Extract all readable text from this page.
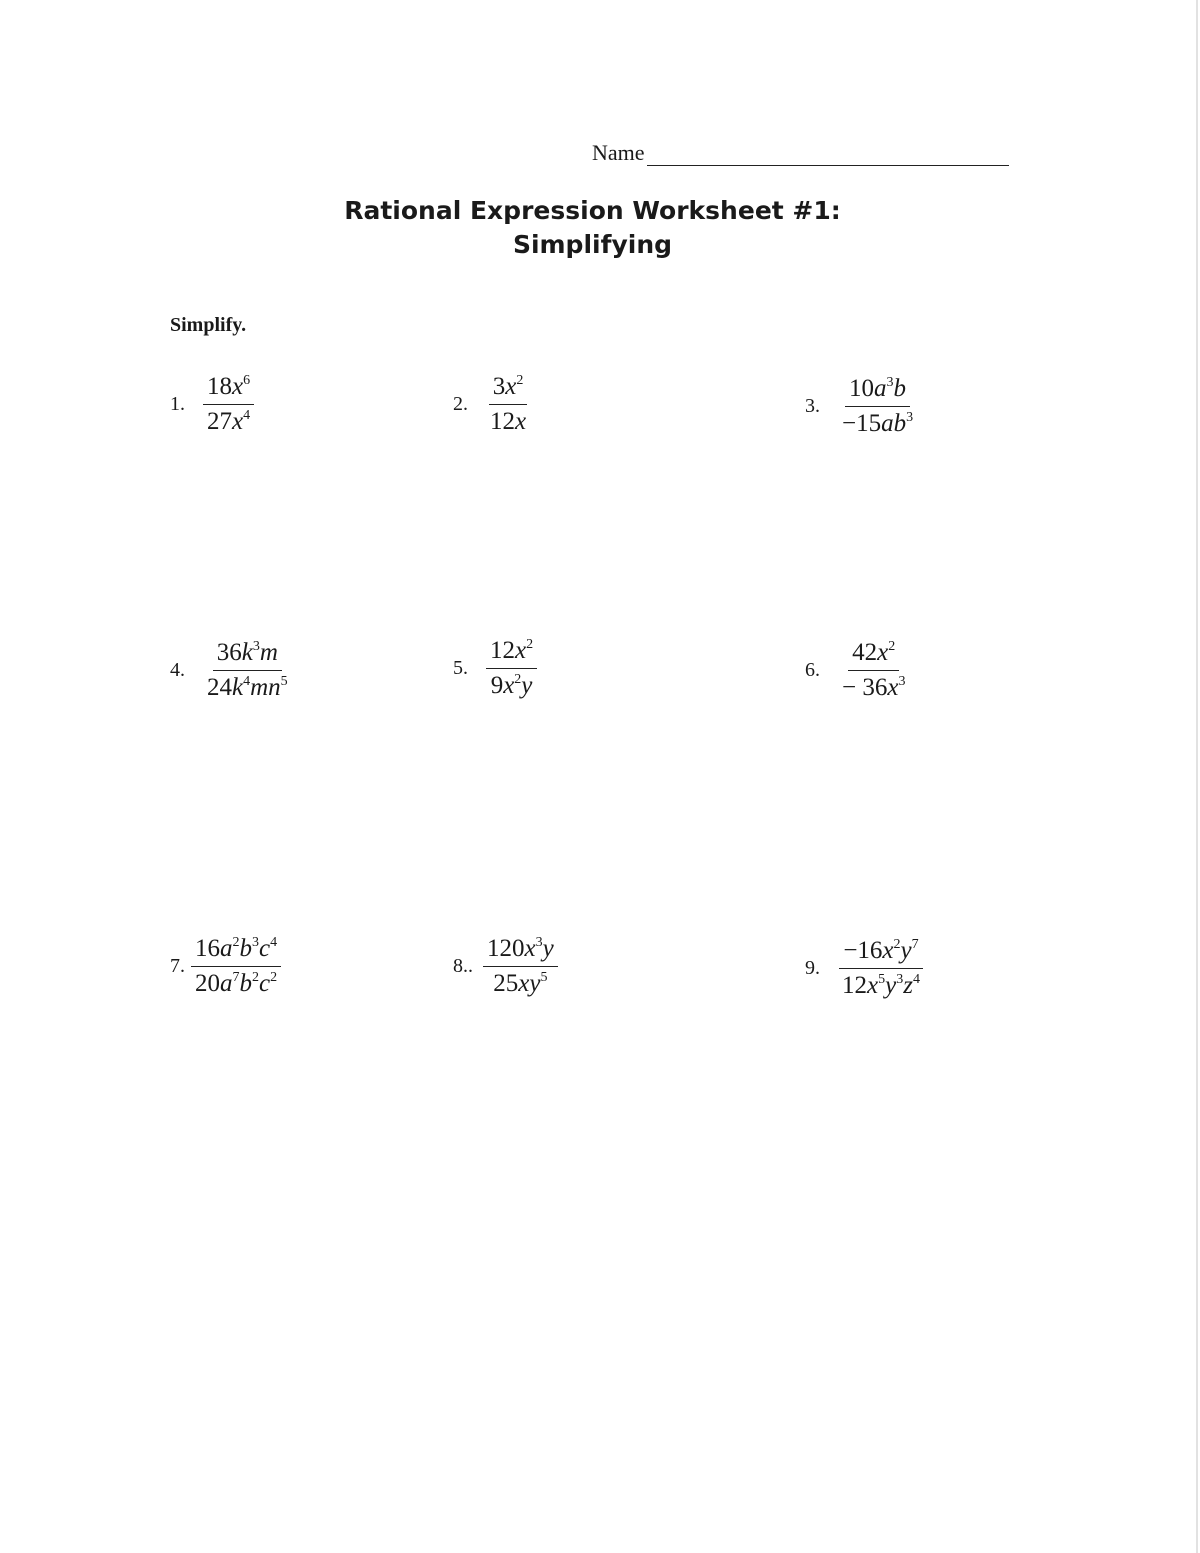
Name
Rational Expression Worksheet #1:
Simplifying
Simplify.
1. $\frac{18x^6}{27x^4}$	2. $\frac{3x^2}{12x}$	3. $\frac{10a^3b}{-15ab^3}$
4. $\frac{36k^3m}{24k^4mn^5}$	5. $\frac{12x^2}{9x^2y}$	6. $\frac{42x^2}{- 36x^3}$
7. $\frac{16a^2b^3c^4}{20a^7b^2c^2}$	8.. $\frac{120x^3y}{25xy^5}$	9. $\frac{-16x^2y^7}{12x^5y^3z^4}$
